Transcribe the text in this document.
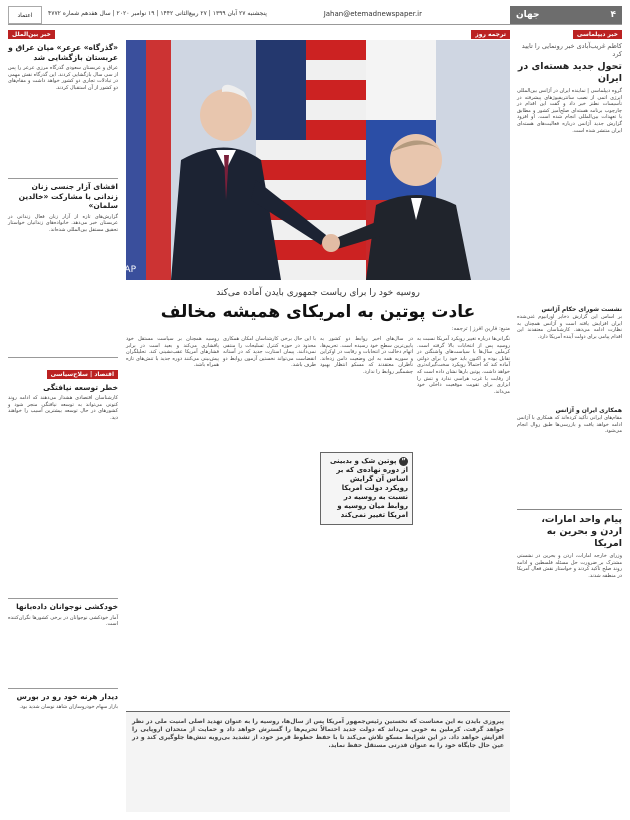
۴
جهان
Jahan@etemadnewspaper.ir
پنجشنبه ۲۷ آبان ۱۳۹۹ | ۲۷ ربیع‌الثانی ۱۴۴۲ | ۱۹ نوامبر ۲۰۲۰ | سال هفدهم شماره ۴۷۷۲
اعتماد
خبر دیپلماسی
کاظم غریب‌آبادی خبر رونمایی را تایید کرد
تحول جدید هسته‌ای در ایران
گروه دیپلماسی | نماینده ایران در آژانس بین‌المللی انرژی اتمی از نصب سانتریفیوژهای پیشرفته در تأسیسات نطنز خبر داد و گفت این اقدام در چارچوب برنامه هسته‌ای صلح‌آمیز کشور و مطابق با تعهدات بین‌المللی انجام شده است. او افزود گزارش جدید آژانس درباره فعالیت‌های هسته‌ای ایران منتشر شده است.
نشست شورای حکام آژانس
بر اساس این گزارش ذخایر اورانیوم غنی‌شده ایران افزایش یافته است و آژانس همچنان به نظارت ادامه می‌دهد. کارشناسان معتقدند این اقدام پیامی برای دولت آینده آمریکا دارد.
همکاری ایران و آژانس
مقام‌های ایرانی تأکید کرده‌اند که همکاری با آژانس ادامه خواهد یافت و بازرسی‌ها طبق روال انجام می‌شود.
پیام واحد امارات، اردن و بحرین به امریکا
وزرای خارجه امارات، اردن و بحرین در نشستی مشترک بر ضرورت حل مسئله فلسطین و ادامه روند صلح تأکید کردند و خواستار نقش فعال آمریکا در منطقه شدند.
خبر بین‌الملل
«گذرگاه» عرعر» میان عراق و عربستان بازگشایی شد
عراق و عربستان سعودی گذرگاه مرزی عرعر را پس از سی سال بازگشایی کردند. این گذرگاه نقش مهمی در تبادلات تجاری دو کشور خواهد داشت و مقام‌های دو کشور از آن استقبال کردند.
افشای آزار جنسی زنان زندانی با مشارکت «خالدین سلمان»
گزارش‌های تازه از آزار زنان فعال زندانی در عربستان خبر می‌دهد. خانواده‌های زندانیان خواستار تحقیق مستقل بین‌المللی شده‌اند.
اقتصاد | سلاح‌سیاسی
خطر توسعه نیافتگی
کارشناسان اقتصادی هشدار می‌دهند که ادامه روند کنونی می‌تواند به توسعه نیافتگی منجر شود و کشورهای در حال توسعه بیشترین آسیب را خواهند دید.
خودکشی نوجوانان داده‌بانها
آمار خودکشی نوجوانان در برخی کشورها نگران‌کننده است.
دیدار هرنه خود رو در بورس
بازار سهام خودروسازان شاهد نوسان شدید بود.
ترجمه روز
AP
روسیه خود را برای ریاست جمهوری بایدن آماده می‌کند
عادت پوتین به امریکای همیشه مخالف
منبع: فارین افرز | ترجمه:
نگرانی‌ها درباره تغییر رویکرد آمریکا نسبت به روسیه پس از انتخابات بالا گرفته است. کرملین سال‌ها با سیاست‌های واشنگتن در تقابل بوده و اکنون باید خود را برای دولتی آماده کند که احتمالاً رویکرد سخت‌گیرانه‌تری خواهد داشت. پوتین بارها نشان داده است که از رقابت با غرب هراسی ندارد و تنش را ابزاری برای تقویت موقعیت داخلی خود می‌داند.
در سال‌های اخیر روابط دو کشور به پایین‌ترین سطح خود رسیده است. تحریم‌ها، اتهام دخالت در انتخابات و رقابت در اوکراین و سوریه همه به این وضعیت دامن زده‌اند. ناظران معتقدند که مسکو انتظار بهبود چشمگیر روابط را ندارد.
” پوتین شک و بدبینی از دوره نهاده‌ی که بر اساس آن گرایش رویکرد دولت امریکا نسبت به روسیه در روابط میان روسیه و امریکا تغییر نمی‌کند
با این حال برخی کارشناسان امکان همکاری محدود در حوزه کنترل تسلیحات را منتفی نمی‌دانند. پیمان استارت جدید که در آستانه انقضاست می‌تواند نخستین آزمون روابط دو طرف باشد.
روسیه همچنان بر سیاست مستقل خود پافشاری می‌کند و بعید است در برابر فشارهای آمریکا عقب‌نشینی کند. تحلیلگران پیش‌بینی می‌کنند دوره جدید با تنش‌های تازه همراه باشد.
پیروزی بایدن به این معناست که نخستین رئیس‌جمهور آمریکا پس از سال‌ها، روسیه را به عنوان تهدید اصلی امنیت ملی در نظر خواهد گرفت. کرملین به خوبی می‌داند که دولت جدید احتمالاً تحریم‌ها را گسترش خواهد داد و حمایت از متحدان اروپایی را افزایش خواهد داد. در این شرایط مسکو تلاش می‌کند تا با حفظ خطوط قرمز خود، از تشدید بی‌رویه تنش‌ها جلوگیری کند و در عین حال جایگاه خود را به عنوان قدرتی مستقل حفظ نماید.
